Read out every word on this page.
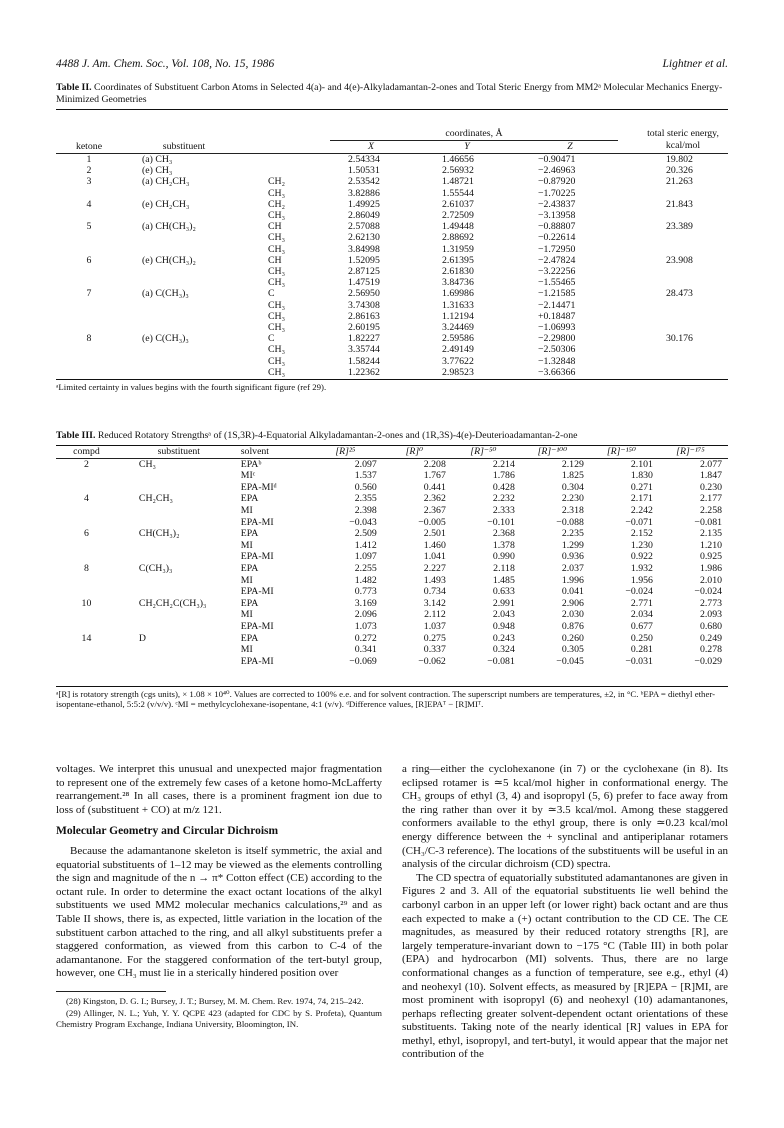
4488 J. Am. Chem. Soc., Vol. 108, No. 15, 1986	Lightner et al.
Table II. Coordinates of Substituent Carbon Atoms in Selected 4(a)- and 4(e)-Alkyladamantan-2-ones and Total Steric Energy from MM2ᵃ Molecular Mechanics Energy-Minimized Geometries
			coordinates, Å			total steric energy, kcal/mol
ketone	substituent		X	Y	Z	
1	(a) CH₃		2.54334	1.46656	−0.90471	19.802
2	(e) CH₃		1.50531	2.56932	−2.46963	20.326
3	(a) CH₂CH₃	CH₂	2.53542	1.48721	−0.87920	21.263
		CH₃	3.82886	1.55544	−1.70225	
4	(e) CH₂CH₃	CH₂	1.49925	2.61037	−2.43837	21.843
		CH₃	2.86049	2.72509	−3.13958	
5	(a) CH(CH₃)₂	CH	2.57088	1.49448	−0.88807	23.389
		CH₃	2.62130	2.88692	−0.22614	
		CH₃	3.84998	1.31959	−1.72950	
6	(e) CH(CH₃)₂	CH	1.52095	2.61395	−2.47824	23.908
		CH₃	2.87125	2.61830	−3.22256	
		CH₃	1.47519	3.84736	−1.55465	
7	(a) C(CH₃)₃	C	2.56950	1.69986	−1.21585	28.473
		CH₃	3.74308	1.31633	−2.14471	
		CH₃	2.86163	1.12194	+0.18487	
		CH₃	2.60195	3.24469	−1.06993	
8	(e) C(CH₃)₃	C	1.82227	2.59586	−2.29800	30.176
		CH₃	3.35744	2.49149	−2.50306	
		CH₃	1.58244	3.77622	−1.32848	
		CH₃	1.22362	2.98523	−3.66366	
ᵃLimited certainty in values begins with the fourth significant figure (ref 29).
Table III. Reduced Rotatory Strengthsᵃ of (1S,3R)-4-Equatorial Alkyladamantan-2-ones and (1R,3S)-4(e)-Deuterioadamantan-2-one
compd	substituent	solvent	[R]²⁵	[R]⁰	[R]⁻⁵⁰	[R]⁻¹⁰⁰	[R]⁻¹⁵⁰	[R]⁻¹⁷⁵
2	CH₃	EPAᵇ	2.097	2.208	2.214	2.129	2.101	2.077
		MIᶜ	1.537	1.767	1.786	1.825	1.830	1.847
		EPA-MIᵈ	0.560	0.441	0.428	0.304	0.271	0.230
4	CH₂CH₃	EPA	2.355	2.362	2.232	2.230	2.171	2.177
		MI	2.398	2.367	2.333	2.318	2.242	2.258
		EPA-MI	−0.043	−0.005	−0.101	−0.088	−0.071	−0.081
6	CH(CH₃)₂	EPA	2.509	2.501	2.368	2.235	2.152	2.135
		MI	1.412	1.460	1.378	1.299	1.230	1.210
		EPA-MI	1.097	1.041	0.990	0.936	0.922	0.925
8	C(CH₃)₃	EPA	2.255	2.227	2.118	2.037	1.932	1.986
		MI	1.482	1.493	1.485	1.996	1.956	2.010
		EPA-MI	0.773	0.734	0.633	0.041	−0.024	−0.024
10	CH₂CH₂C(CH₃)₃	EPA	3.169	3.142	2.991	2.906	2.771	2.773
		MI	2.096	2.112	2.043	2.030	2.034	2.093
		EPA-MI	1.073	1.037	0.948	0.876	0.677	0.680
14	D	EPA	0.272	0.275	0.243	0.260	0.250	0.249
		MI	0.341	0.337	0.324	0.305	0.281	0.278
		EPA-MI	−0.069	−0.062	−0.081	−0.045	−0.031	−0.029
ᵃ[R] is rotatory strength (cgs units), × 1.08 × 10⁴⁰. Values are corrected to 100% e.e. and for solvent contraction. The superscript numbers are temperatures, ±2, in °C. ᵇEPA = diethyl ether-isopentane-ethanol, 5:5:2 (v/v/v). ᶜMI = methylcyclohexane-isopentane, 4:1 (v/v). ᵈDifference values, [R]EPAᵀ − [R]MIᵀ.

voltages. We interpret this unusual and unexpected major fragmentation to represent one of the extremely few cases of a ketone homo-McLafferty rearrangement.²⁸ In all cases, there is a prominent fragment ion due to loss of (substituent + CO) at m/z 121.

Molecular Geometry and Circular Dichroism

Because the adamantanone skeleton is itself symmetric, the axial and equatorial substituents of 1–12 may be viewed as the elements controlling the sign and magnitude of the n → π* Cotton effect (CE) according to the octant rule. In order to determine the exact octant locations of the alkyl substituents we used MM2 molecular mechanics calculations,²⁹ and as Table II shows, there is, as expected, little variation in the location of the substituent carbon attached to the ring, and all alkyl substituents prefer a staggered conformation, as viewed from this carbon to C-4 of the adamantanone. For the staggered conformation of the tert-butyl group, however, one CH₃ must lie in a sterically hindered position over

(28) Kingston, D. G. I.; Bursey, J. T.; Bursey, M. M. Chem. Rev. 1974, 74, 215–242.

(29) Allinger, N. L.; Yuh, Y. Y. QCPE 423 (adapted for CDC by S. Profeta), Quantum Chemistry Program Exchange, Indiana University, Bloomington, IN.

a ring—either the cyclohexanone (in 7) or the cyclohexane (in 8). Its eclipsed rotamer is ≃5 kcal/mol higher in conformational energy. The CH₃ groups of ethyl (3, 4) and isopropyl (5, 6) prefer to face away from the ring rather than over it by ≃3.5 kcal/mol. Among these staggered conformers available to the ethyl group, there is only ≃0.23 kcal/mol energy difference between the + synclinal and antiperiplanar rotamers (CH₃/C-3 reference). The locations of the substituents will be useful in an analysis of the circular dichroism (CD) spectra.

The CD spectra of equatorially substituted adamantanones are given in Figures 2 and 3. All of the equatorial substituents lie well behind the carbonyl carbon in an upper left (or lower right) back octant and are thus each expected to make a (+) octant contribution to the CD CE. The CE magnitudes, as measured by their reduced rotatory strengths [R], are largely temperature-invariant down to −175 °C (Table III) in both polar (EPA) and hydrocarbon (MI) solvents. Thus, there are no large conformational changes as a function of temperature, see e.g., ethyl (4) and neohexyl (10). Solvent effects, as measured by [R]EPA − [R]MI, are most prominent with isopropyl (6) and neohexyl (10) adamantanones, perhaps reflecting greater solvent-dependent octant orientations of these substituents. Taking note of the nearly identical [R] values in EPA for methyl, ethyl, isopropyl, and tert-butyl, it would appear that the major net contribution of the
